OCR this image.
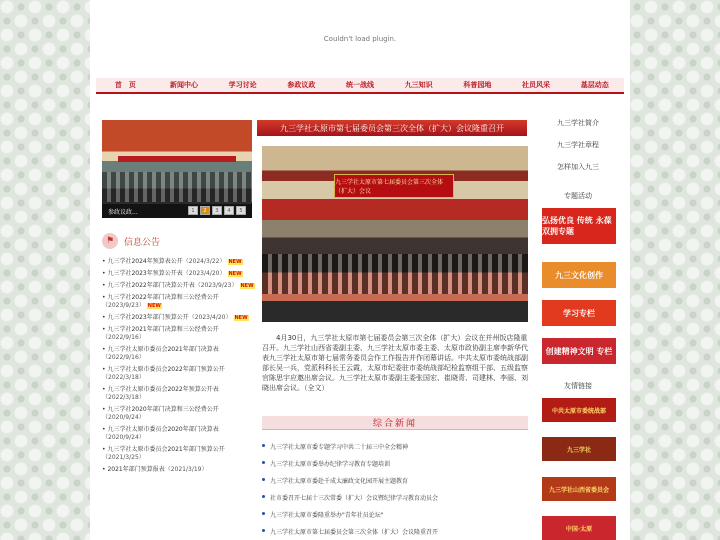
Couldn't load plugin.
首　页	新闻中心	学习讨论	参政议政	统一战线	九三知识	科普园地	社员风采	基层动态
参政议政...	1	2	3	4	5
⚑	信息公告
• 九三学社2024年预算表公开（2024/3/22） NEW
• 九三学社2023年预算公开表（2023/4/20） NEW
• 九三学社2022年部门决算公开表（2023/9/23） NEW
• 九三学社2022年部门决算和三公经费公开（2023/9/23） NEW
• 九三学社2023年部门预算公开（2023/4/20） NEW
• 九三学社2021年部门决算和三公经费公开（2022/9/16）
• 九三学社太原市委员会2021年部门决算表（2022/9/16）
• 九三学社太原市委员会2022年部门预算公开（2022/3/18）
• 九三学社太原市委员会2022年预算公开表（2022/3/18）
• 九三学社2020年部门决算和三公经费公开（2020/9/24）
• 九三学社太原市委员会2020年部门决算表（2020/9/24）
• 九三学社太原市委员会2021年部门预算公开（2021/3/25）
• 2021年部门预算报表（2021/3/19）
九三学社太原市第七届委员会第三次全体（扩大）会议隆重召开
九三学社太原市第七届委员会第三次全体（扩大）会议

4月30日，九三学社太原市第七届委员会第三次全体（扩大）会议在并州饭店隆重召开。九三学社山西省委副主委、九三学社太原市委主委、太原市政协副主席李新华代表九三学社太原市第七届常务委员会作工作报告并作闭幕讲话。中共太原市委统战部副部长吴一兵，党派科科长王云霞，太原市纪委驻市委统战部纪检监察组干部、五级监察官陈思宇应邀出席会议。九三学社太原市委副主委张国宏、崔晓青、司建林、李丽、刘晓出席会议。（全文）

综合新闻
九三学社太原市委专题学习中共二十届三中全会精神
九三学社太原市委举办纪律学习教育专题培训
九三学社太原市委赴千成太廉政文化园开展主题教育
社市委召开七届十三次常委（扩大）会议暨纪律学习教育动员会
九三学社太原市委隆重举办"青年社员论坛"
九三学社太原市第七届委员会第三次全体（扩大）会议隆重召开
九三学社简介
九三学社章程
怎样加入九三
专题活动
弘扬优良 传统 永葆 双拥专题
九三文化创作
学习专栏
创建精神文明 专栏
友情链接
中共太原市委统战部
九三学社
九三学社山西省委员会
中国·太原
